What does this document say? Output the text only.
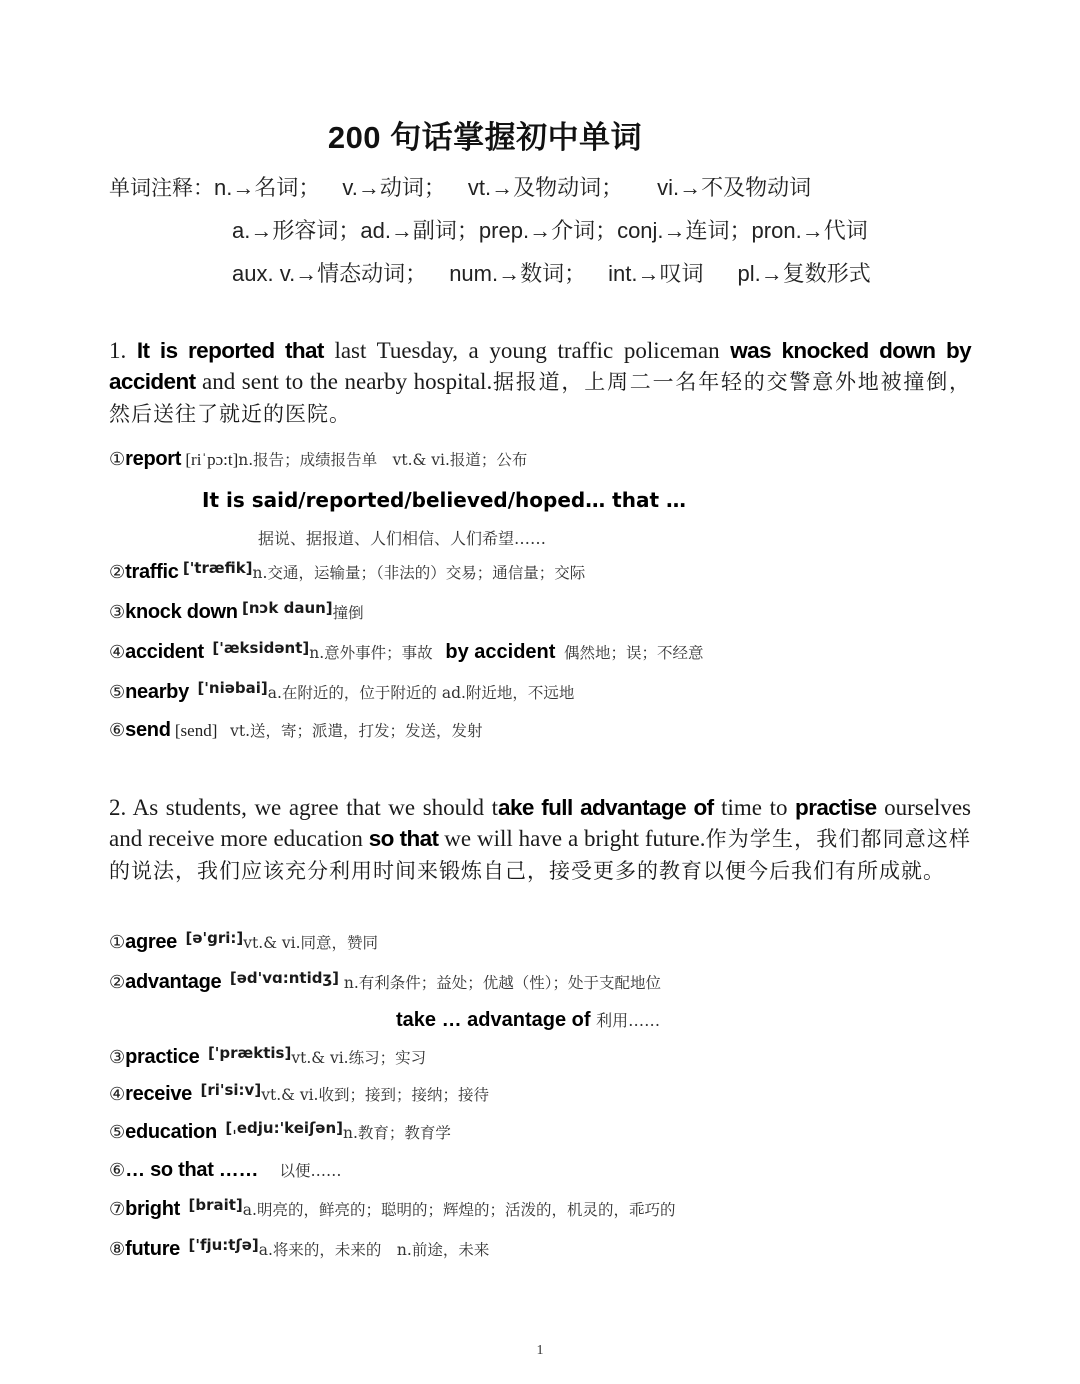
200 句话掌握初中单词
单词注释：n.→名词； v.→动词； vt.→及物动词； vi.→不及物动词
a.→形容词；ad.→副词；prep.→介词；conj.→连词；pron.→代词
aux. v.→情态动词； num.→数词； int.→叹词 pl.→复数形式
1. It is reported that last Tuesday, a young traffic policeman was knocked down by accident and sent to the nearby hospital.据报道，上周二一名年轻的交警意外地被撞倒，然后送往了就近的医院。
①report [riˈpɔ:t]n.报告；成绩报告单　vt.& vi.报道；公布
It is said/reported/believed/hoped… that …
据说、据报道、人们相信、人们希望……
②traffic ['træfik]n.交通，运输量；（非法的）交易；通信量；交际
③knock down [nɔk daun]撞倒
④accident ['æksidənt]n.意外事件；事故 by accident 偶然地；误；不经意
⑤nearby ['niəbai]a.在附近的，位于附近的 ad.附近地，不远地
⑥send [send] vt.送，寄；派遣，打发；发送，发射
2. As students, we agree that we should take full advantage of time to practise ourselves and receive more education so that we will have a bright future.作为学生，我们都同意这样的说法，我们应该充分利用时间来锻炼自己，接受更多的教育以便今后我们有所成就。
①agree [ə'gri:]vt.& vi.同意，赞同
②advantage [əd'vɑ:ntidʒ] n.有利条件；益处；优越（性）；处于支配地位
take … advantage of 利用……
③practice ['præktis]vt.& vi.练习；实习
④receive [ri'si:v]vt.& vi.收到；接到；接纳；接待
⑤education [ˌedju:'keiʃən]n.教育；教育学
⑥… so that …… 以便……
⑦bright [brait]a.明亮的，鲜亮的；聪明的；辉煌的；活泼的，机灵的，乖巧的
⑧future ['fju:tʃə]a.将来的，未来的　n.前途，未来
1
